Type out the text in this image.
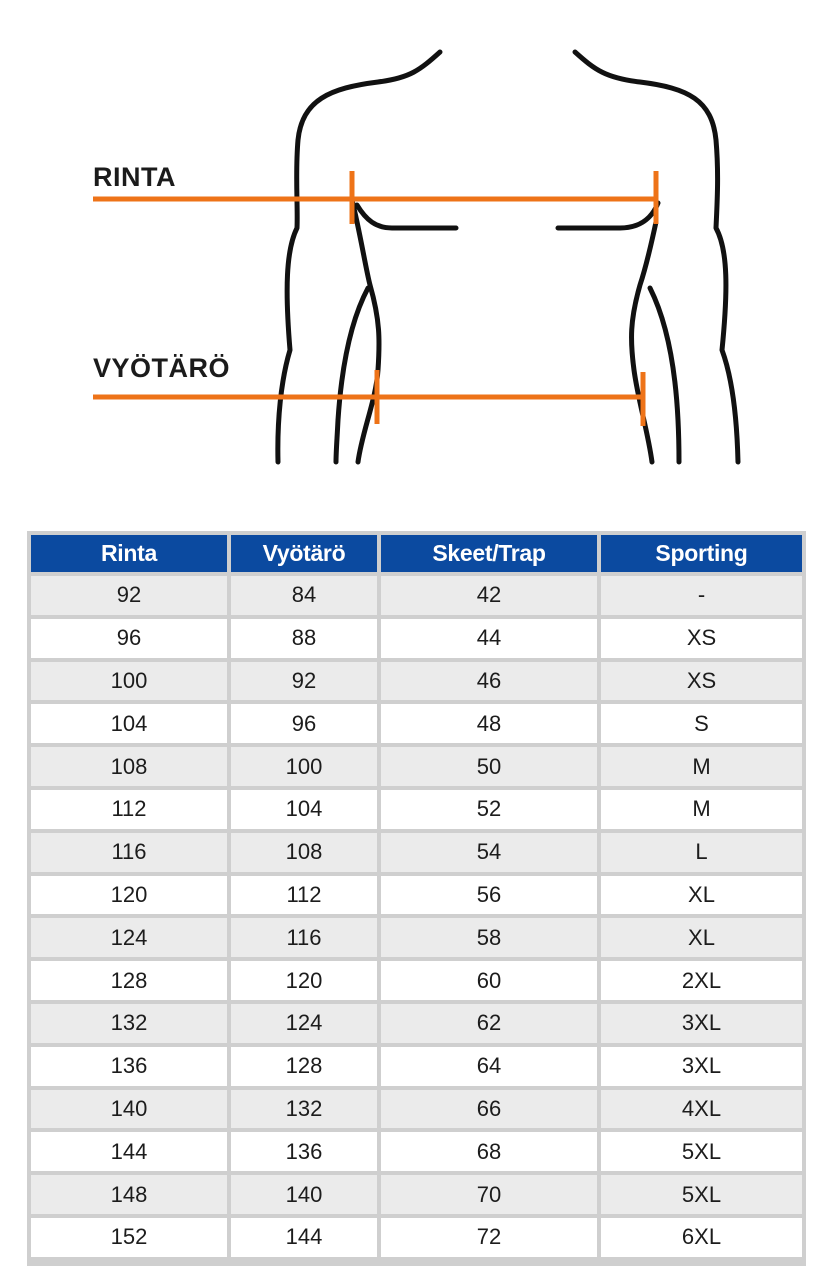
RINTA
VYÖTÄRÖ
Rinta	Vyötärö	Skeet/Trap	Sporting
92	84	42	-
96	88	44	XS
100	92	46	XS
104	96	48	S
108	100	50	M
112	104	52	M
116	108	54	L
120	112	56	XL
124	116	58	XL
128	120	60	2XL
132	124	62	3XL
136	128	64	3XL
140	132	66	4XL
144	136	68	5XL
148	140	70	5XL
152	144	72	6XL
